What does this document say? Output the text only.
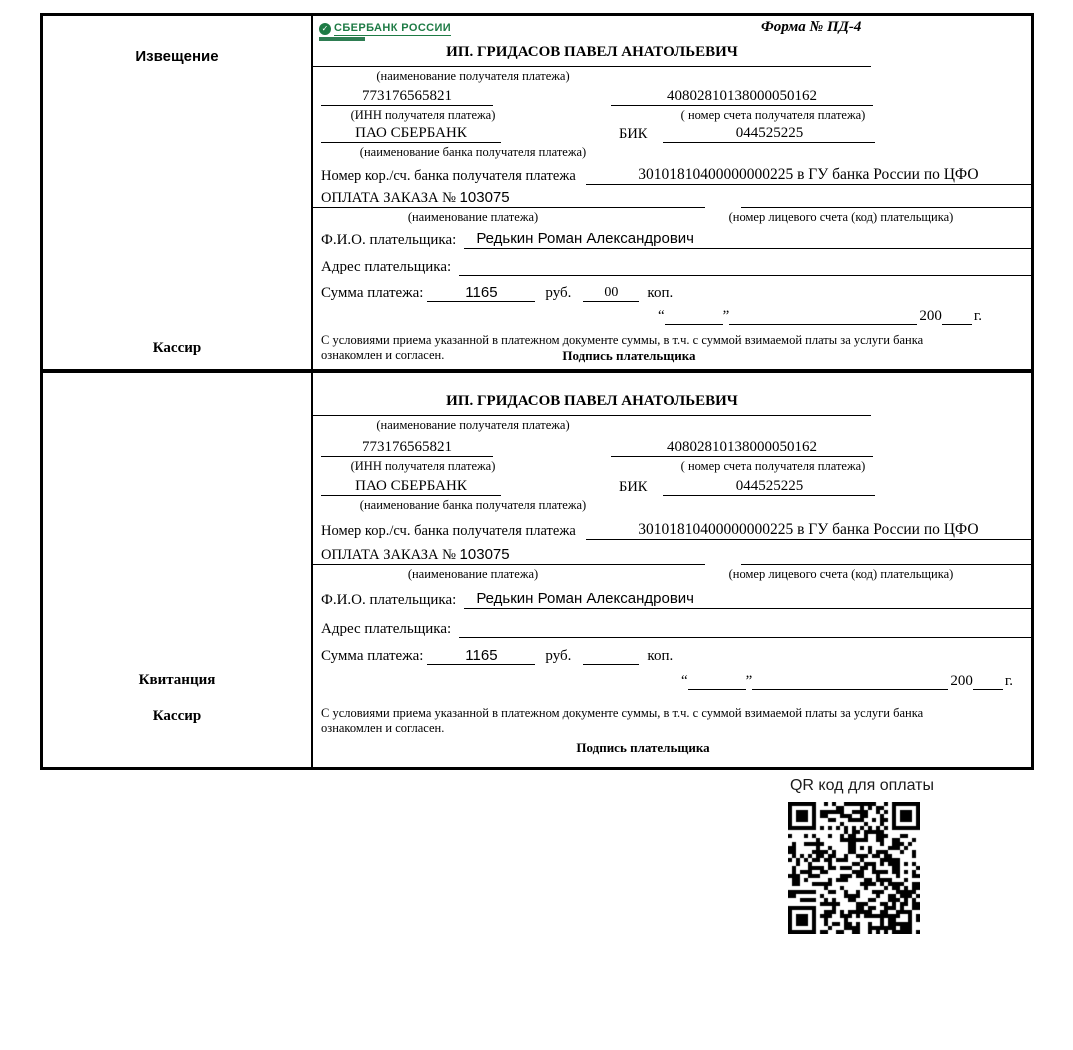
Извещение
Кассир
✓ СБЕРБАНК РОССИИ	Форма № ПД-4
ИП. ГРИДАСОВ ПАВЕЛ АНАТОЛЬЕВИЧ
(наименование получателя платежа)
773176565821	40802810138000050162
(ИНН получателя платежа)	( номер счета получателя платежа)
ПАО СБЕРБАНК	БИК	044525225
(наименование банка получателя платежа)
Номер кор./сч. банка получателя платежа	30101810400000000225 в ГУ банка России по ЦФО
ОПЛАТА ЗАКАЗА № 103075
(наименование платежа)	(номер лицевого счета (код) плательщика)
Ф.И.О. плательщика:	Редькин Роман Александрович
Адрес плательщика:
Сумма платежа:	1165	руб.	00	коп.
“	”	200 г.
С условиями приема указанной в платежном документе суммы, в т.ч. с суммой взимаемой платы за услуги банка
ознакомлен и согласен.	Подпись плательщика
Квитанция
Кассир
ИП. ГРИДАСОВ ПАВЕЛ АНАТОЛЬЕВИЧ
(наименование получателя платежа)
773176565821	40802810138000050162
(ИНН получателя платежа)	( номер счета получателя платежа)
ПАО СБЕРБАНК	БИК	044525225
(наименование банка получателя платежа)
Номер кор./сч. банка получателя платежа	30101810400000000225 в ГУ банка России по ЦФО
ОПЛАТА ЗАКАЗА № 103075
(наименование платежа)	(номер лицевого счета (код) плательщика)
Ф.И.О. плательщика:	Редькин Роман Александрович
Адрес плательщика:
Сумма платежа:	1165	руб.	коп.
“	”	200 г.
С условиями приема указанной в платежном документе суммы, в т.ч. с суммой взимаемой платы за услуги банка
ознакомлен и согласен.
Подпись плательщика
QR код для оплаты
